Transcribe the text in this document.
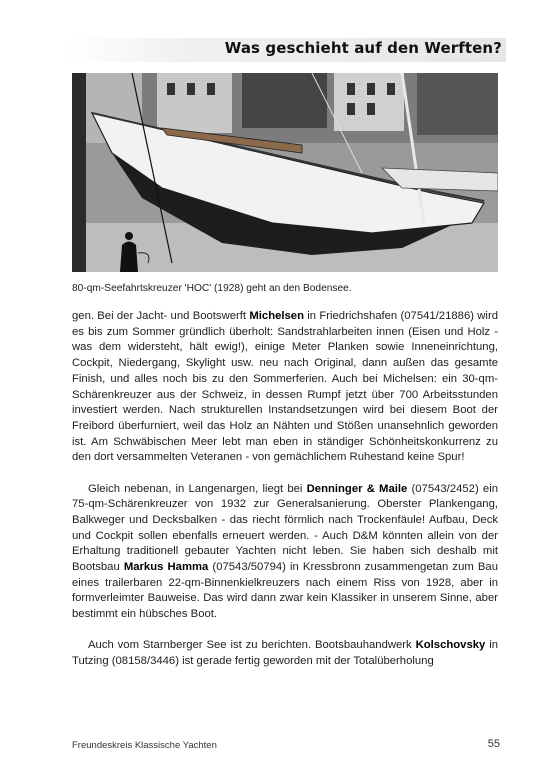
Was geschieht auf den Werften?
80-qm-Seefahrtskreuzer 'HOC' (1928) geht an den Bodensee.

gen. Bei der Jacht- und Bootswerft Michelsen in Friedrichshafen (07541/21886) wird es bis zum Sommer gründlich überholt: Sandstrahlarbeiten innen (Eisen und Holz - was dem widersteht, hält ewig!), einige Meter Planken sowie Inneneinrichtung, Cockpit, Niedergang, Skylight usw. neu nach Original, dann außen das gesamte Finish, und alles noch bis zu den Sommerferien. Auch bei Michelsen: ein 30-qm-Schärenkreuzer aus der Schweiz, in dessen Rumpf jetzt über 700 Arbeitsstunden investiert werden. Nach strukturellen Instandsetzungen wird bei diesem Boot der Freibord überfurniert, weil das Holz an Nähten und Stößen unansehnlich geworden ist. Am Schwäbischen Meer lebt man eben in ständiger Schönheitskonkurrenz zu den dort versammelten Veteranen - von gemächlichem Ruhestand keine Spur!

Gleich nebenan, in Langenargen, liegt bei Denninger & Maile (07543/2452) ein 75-qm-Schärenkreuzer von 1932 zur Generalsanierung. Oberster Plankengang, Balkweger und Decksbalken - das riecht förmlich nach Trockenfäule! Aufbau, Deck und Cockpit sollen ebenfalls erneuert werden. - Auch D&M könnten allein von der Erhaltung traditionell gebauter Yachten nicht leben. Sie haben sich deshalb mit Bootsbau Markus Hamma (07543/50794) in Kressbronn zusammengetan zum Bau eines trailerbaren 22-qm-Binnenkielkreuzers nach einem Riss von 1928, aber in formverleimter Bauweise. Das wird dann zwar kein Klassiker in unserem Sinne, aber bestimmt ein hübsches Boot.

Auch vom Starnberger See ist zu berichten. Bootsbauhandwerk Kolschovsky in Tutzing (08158/3446) ist gerade fertig geworden mit der Totalüberholung

Freundeskreis Klassische Yachten	55
